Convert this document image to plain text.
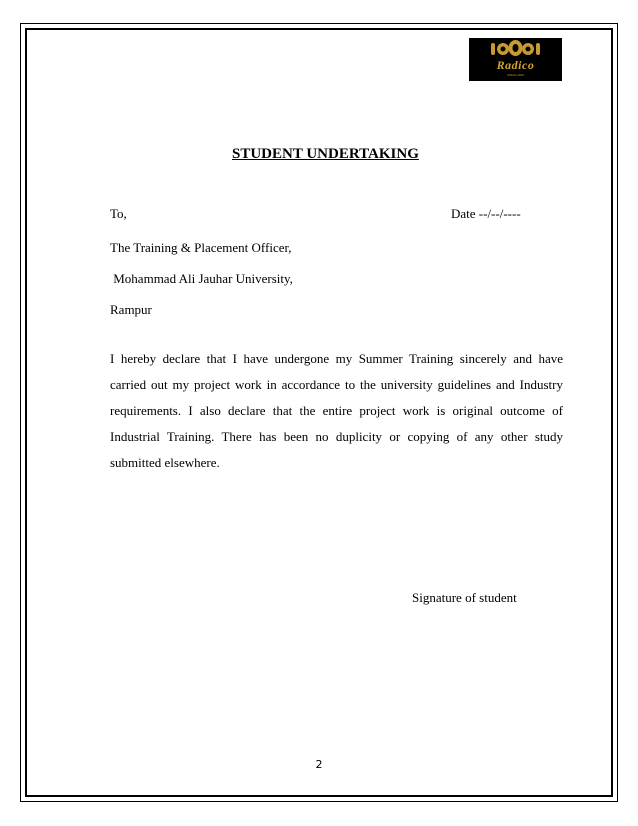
Radico
SINCE 1943
STUDENT UNDERTAKING
To,	Date --/--/----
The Training & Placement Officer,
Mohammad Ali Jauhar University,
Rampur
I hereby declare that I have undergone my Summer Training sincerely and have carried out my project work in accordance to the university guidelines and Industry requirements. I also declare that the entire project work is original outcome of Industrial Training. There has been no duplicity or copying of any other study submitted elsewhere.
Signature of student
2
